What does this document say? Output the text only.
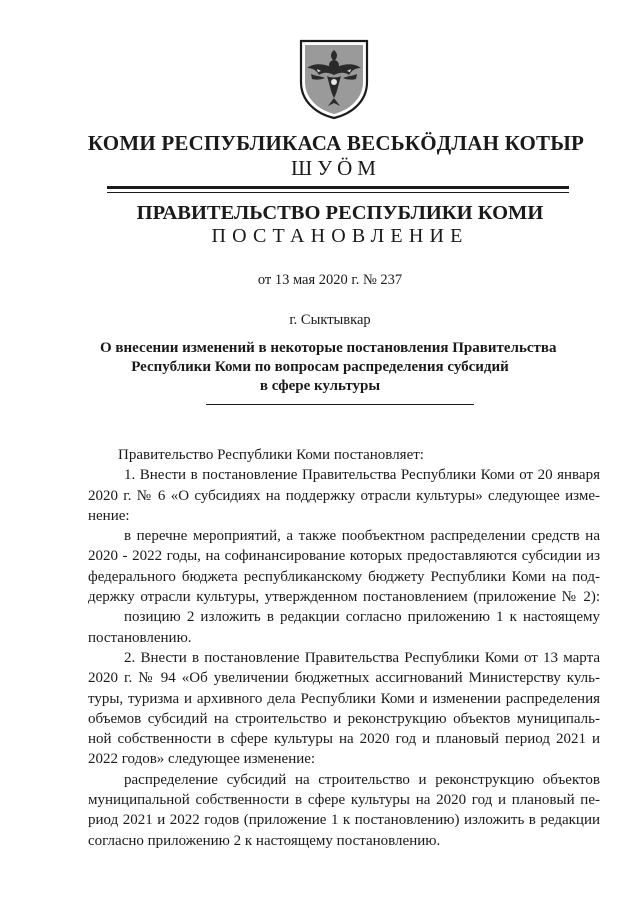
КОМИ РЕСПУБЛИКАСА ВЕСЬКÖДЛАН КОТЫР
ШУÖМ
ПРАВИТЕЛЬСТВО РЕСПУБЛИКИ КОМИ
ПОСТАНОВЛЕНИЕ
от 13 мая 2020 г. № 237
г. Сыктывкар
О внесении изменений в некоторые постановления Правительства
Республики Коми по вопросам распределения субсидий
в сфере культуры
Правительство Республики Коми постановляет:
1. Внести в постановление Правительства Республики Коми от 20 января
2020 г. № 6 «О субсидиях на поддержку отрасли культуры» следующее изме-
нение:
в перечне мероприятий, а также пообъектном распределении средств на
2020 - 2022 годы, на софинансирование которых предоставляются субсидии из
федерального бюджета республиканскому бюджету Республики Коми на под-
держку отрасли культуры, утвержденном постановлением (приложение № 2):
позицию 2 изложить в редакции согласно приложению 1 к настоящему
постановлению.
2. Внести в постановление Правительства Республики Коми от 13 марта
2020 г. № 94 «Об увеличении бюджетных ассигнований Министерству куль-
туры, туризма и архивного дела Республики Коми и изменении распределения
объемов субсидий на строительство и реконструкцию объектов муниципаль-
ной собственности в сфере культуры на 2020 год и плановый период 2021 и
2022 годов» следующее изменение:
распределение субсидий на строительство и реконструкцию объектов
муниципальной собственности в сфере культуры на 2020 год и плановый пе-
риод 2021 и 2022 годов (приложение 1 к постановлению) изложить в редакции
согласно приложению 2 к настоящему постановлению.
